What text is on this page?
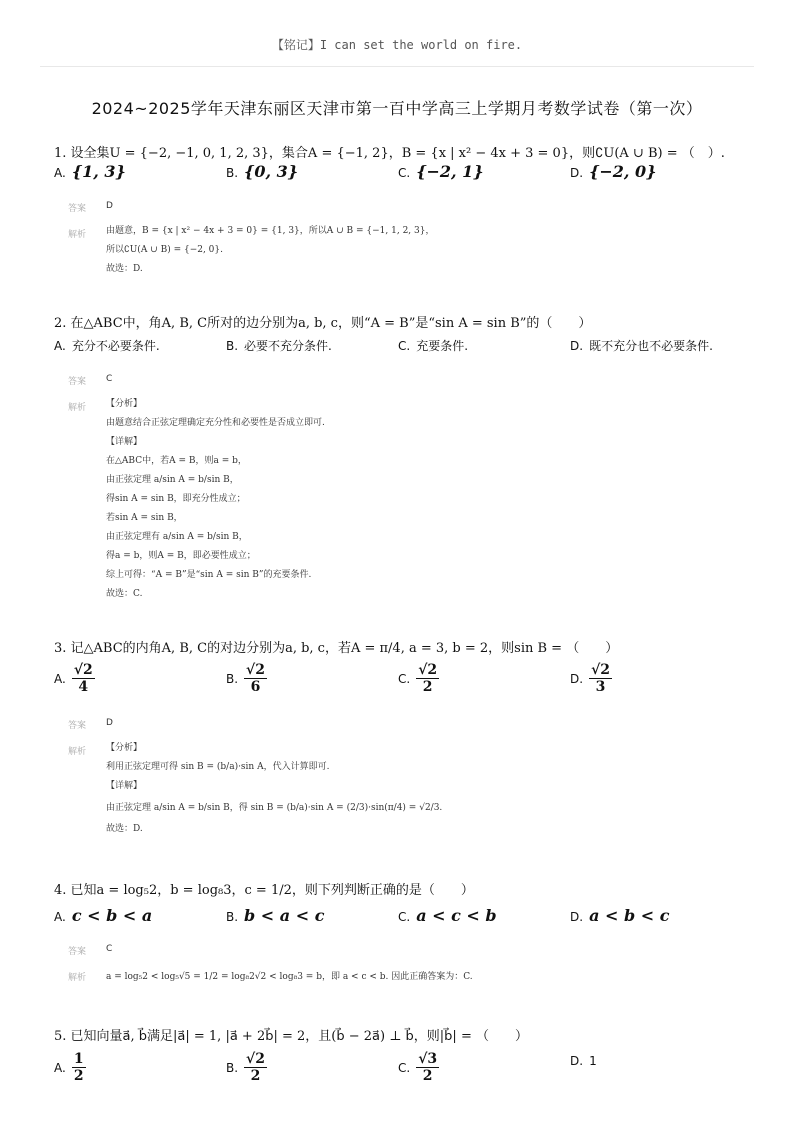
【铭记】I can set the world on fire.
2024~2025学年天津东丽区天津市第一百中学高三上学期月考数学试卷（第一次）
1. 设全集U = {−2, −1, 0, 1, 2, 3}，集合A = {−1, 2}，B = {x | x² − 4x + 3 = 0}，则∁U(A ∪ B) = （　）.
A. {1, 3}	B. {0, 3}	C. {−2, 1}	D. {−2, 0}
答案 D
解析 由题意，B = {x | x² − 4x + 3 = 0} = {1, 3}，所以A ∪ B = {−1, 1, 2, 3}，
所以∁U(A ∪ B) = {−2, 0}.
故选：D.
2. 在△ABC中，角A, B, C所对的边分别为a, b, c，则“A = B”是“sin A = sin B”的（　　）
A. 充分不必要条件.	B. 必要不充分条件.	C. 充要条件.	D. 既不充分也不必要条件.
答案 C
解析 【分析】
由题意结合正弦定理确定充分性和必要性是否成立即可.
【详解】
在△ABC中，若A = B，则a = b，
由正弦定理 a/sin A = b/sin B，
得sin A = sin B，即充分性成立；
若sin A = sin B，
由正弦定理有 a/sin A = b/sin B，
得a = b，则A = B，即必要性成立；
综上可得：“A = B”是“sin A = sin B”的充要条件.
故选：C.
3. 记△ABC的内角A, B, C的对边分别为a, b, c，若A = π/4, a = 3, b = 2，则sin B = （　　）
A. $\frac{√2}{4}$	B. $\frac{√2}{6}$	C. $\frac{√2}{2}$	D. $\frac{√2}{3}$
答案 D
解析 【分析】
利用正弦定理可得 sin B = (b/a)·sin A，代入计算即可.
【详解】
由正弦定理 a/sin A = b/sin B，得 sin B = (b/a)·sin A = (2/3)·sin(π/4) = √2/3.
故选：D.
4. 已知a = log₅2，b = log₈3，c = 1/2，则下列判断正确的是（　　）
A. c < b < a	B. b < a < c	C. a < c < b	D. a < b < c
答案 C
解析 a = log₅2 < log₅√5 = 1/2 = log₈2√2 < log₈3 = b，即 a < c < b. 因此正确答案为：C.
5. 已知向量a⃗, b⃗满足|a⃗| = 1, |a⃗ + 2b⃗| = 2，且(b⃗ − 2a⃗) ⊥ b⃗，则|b⃗| = （　　）
A. $\frac{1}{2}$	B. $\frac{√2}{2}$	C. $\frac{√3}{2}$	D. 1
